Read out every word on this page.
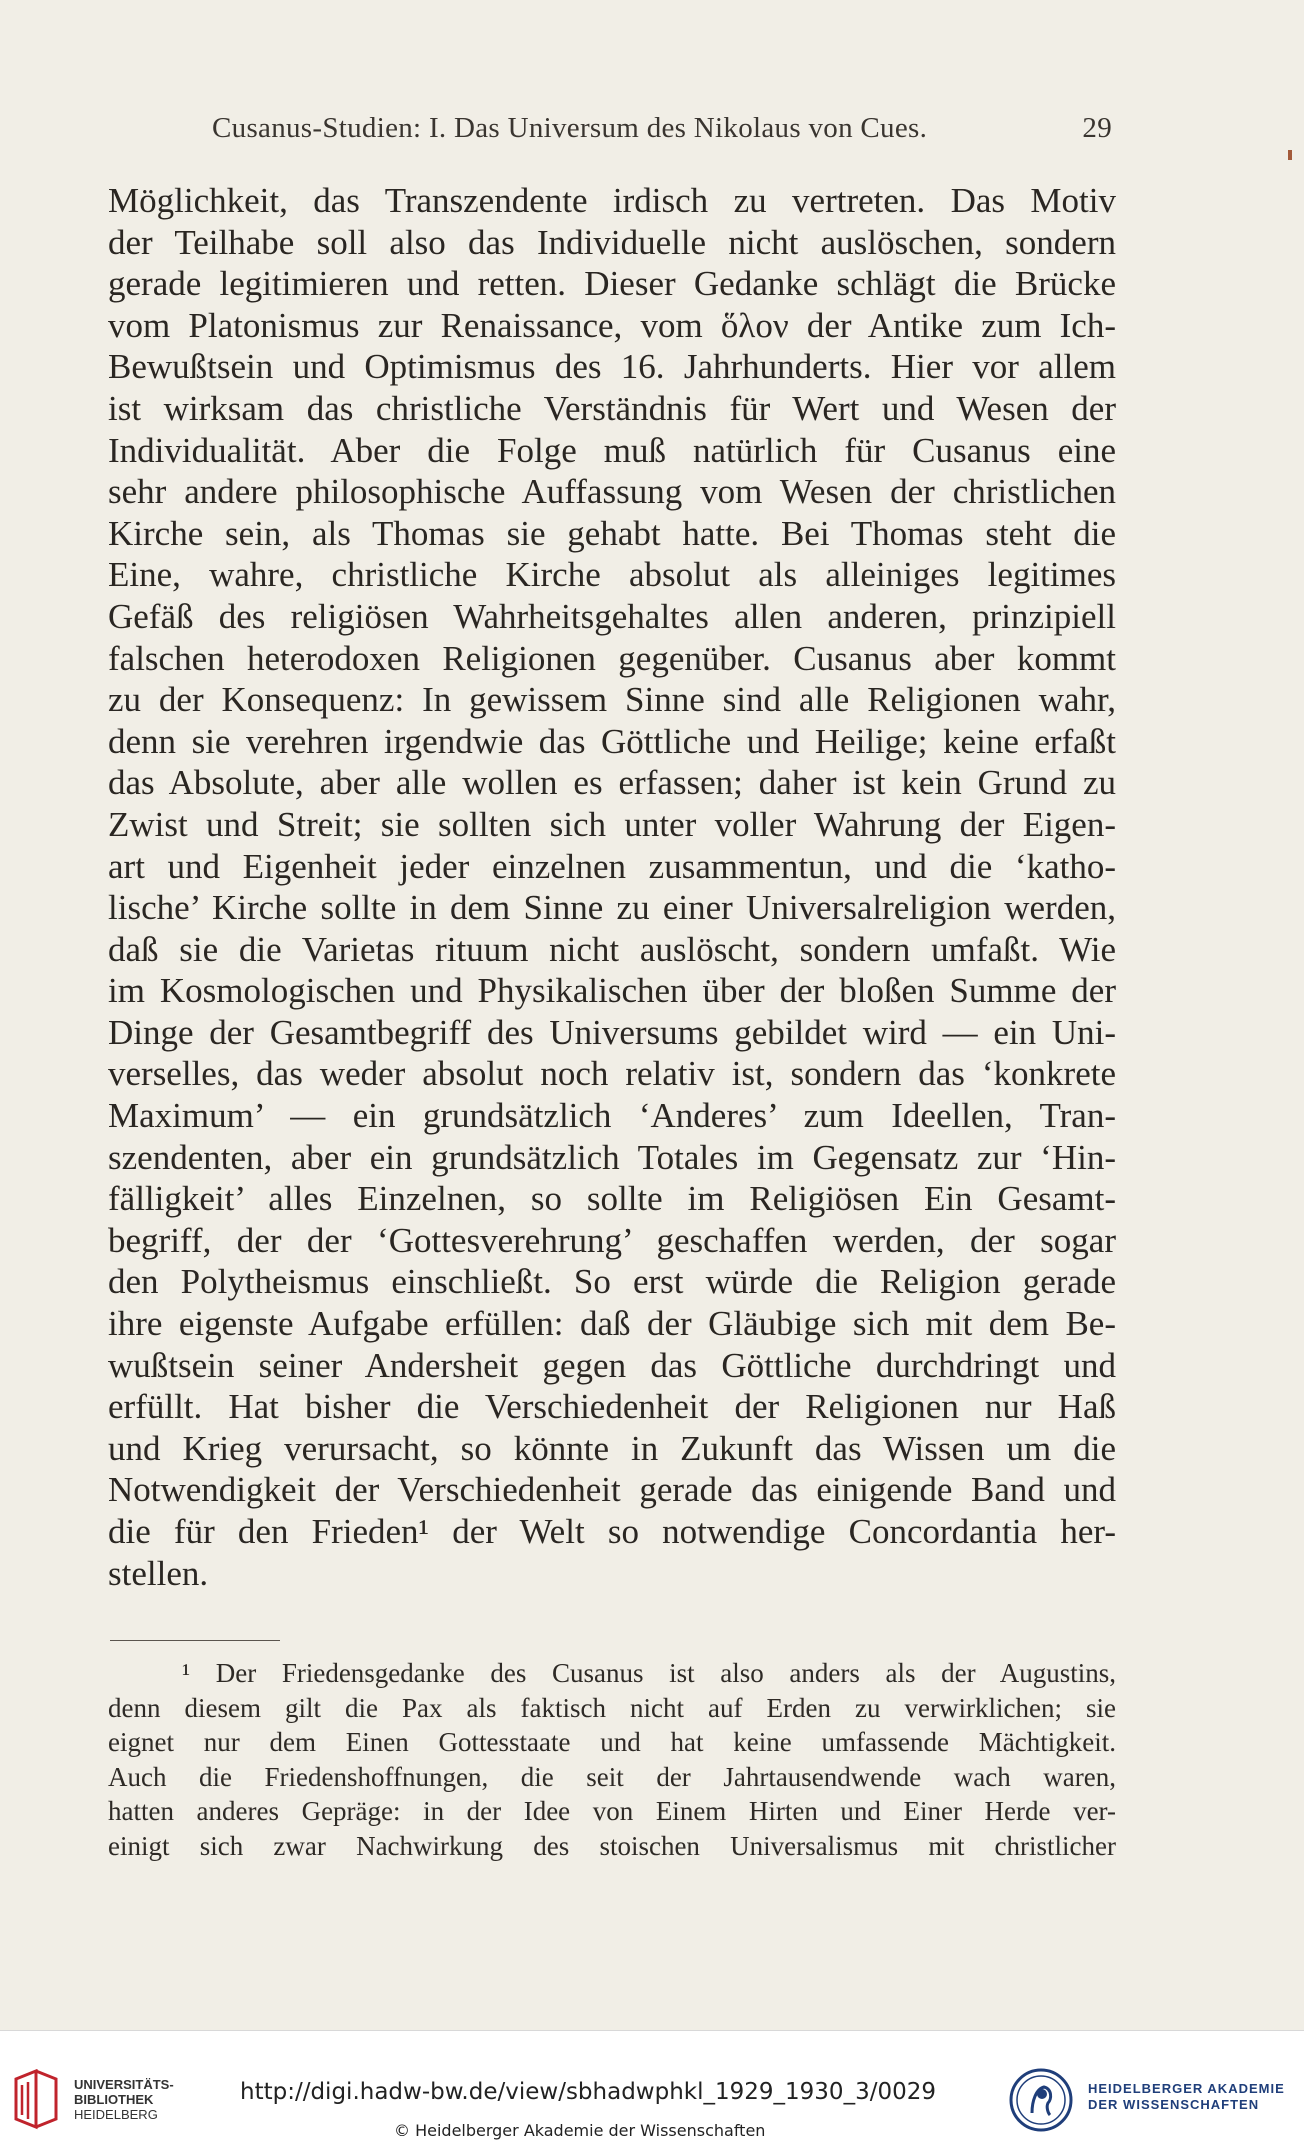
Cusanus-Studien: I. Das Universum des Nikolaus von Cues.	29
Möglichkeit, das Transzendente irdisch zu vertreten. Das Motiv
der Teilhabe soll also das Individuelle nicht auslöschen, sondern
gerade legitimieren und retten. Dieser Gedanke schlägt die Brücke
vom Platonismus zur Renaissance, vom ὅλον der Antike zum Ich-
Bewußtsein und Optimismus des 16. Jahrhunderts. Hier vor allem
ist wirksam das christliche Verständnis für Wert und Wesen der
Individualität. Aber die Folge muß natürlich für Cusanus eine
sehr andere philosophische Auffassung vom Wesen der christlichen
Kirche sein, als Thomas sie gehabt hatte. Bei Thomas steht die
Eine, wahre, christliche Kirche absolut als alleiniges legitimes
Gefäß des religiösen Wahrheitsgehaltes allen anderen, prinzipiell
falschen heterodoxen Religionen gegenüber. Cusanus aber kommt
zu der Konsequenz: In gewissem Sinne sind alle Religionen wahr,
denn sie verehren irgendwie das Göttliche und Heilige; keine erfaßt
das Absolute, aber alle wollen es erfassen; daher ist kein Grund zu
Zwist und Streit; sie sollten sich unter voller Wahrung der Eigen-
art und Eigenheit jeder einzelnen zusammentun, und die ‘katho-
lische’ Kirche sollte in dem Sinne zu einer Universalreligion werden,
daß sie die Varietas rituum nicht auslöscht, sondern umfaßt. Wie
im Kosmologischen und Physikalischen über der bloßen Summe der
Dinge der Gesamtbegriff des Universums gebildet wird — ein Uni-
verselles, das weder absolut noch relativ ist, sondern das ‘konkrete
Maximum’ — ein grundsätzlich ‘Anderes’ zum Ideellen, Tran-
szendenten, aber ein grundsätzlich Totales im Gegensatz zur ‘Hin-
fälligkeit’ alles Einzelnen, so sollte im Religiösen Ein Gesamt-
begriff, der der ‘Gottesverehrung’ geschaffen werden, der sogar
den Polytheismus einschließt. So erst würde die Religion gerade
ihre eigenste Aufgabe erfüllen: daß der Gläubige sich mit dem Be-
wußtsein seiner Andersheit gegen das Göttliche durchdringt und
erfüllt. Hat bisher die Verschiedenheit der Religionen nur Haß
und Krieg verursacht, so könnte in Zukunft das Wissen um die
Notwendigkeit der Verschiedenheit gerade das einigende Band und
die für den Frieden¹ der Welt so notwendige Concordantia her-
stellen.
¹ Der Friedensgedanke des Cusanus ist also anders als der Augustins,
denn diesem gilt die Pax als faktisch nicht auf Erden zu verwirklichen; sie
eignet nur dem Einen Gottesstaate und hat keine umfassende Mächtigkeit.
Auch die Friedenshoffnungen, die seit der Jahrtausendwende wach waren,
hatten anderes Gepräge: in der Idee von Einem Hirten und Einer Herde ver-
einigt sich zwar Nachwirkung des stoischen Universalismus mit christlicher
UNIVERSITÄTS-
BIBLIOTHEK
HEIDELBERG
http://digi.hadw-bw.de/view/sbhadwphkl_1929_1930_3/0029
© Heidelberger Akademie der Wissenschaften
HEIDELBERGER AKADEMIE
DER WISSENSCHAFTEN
